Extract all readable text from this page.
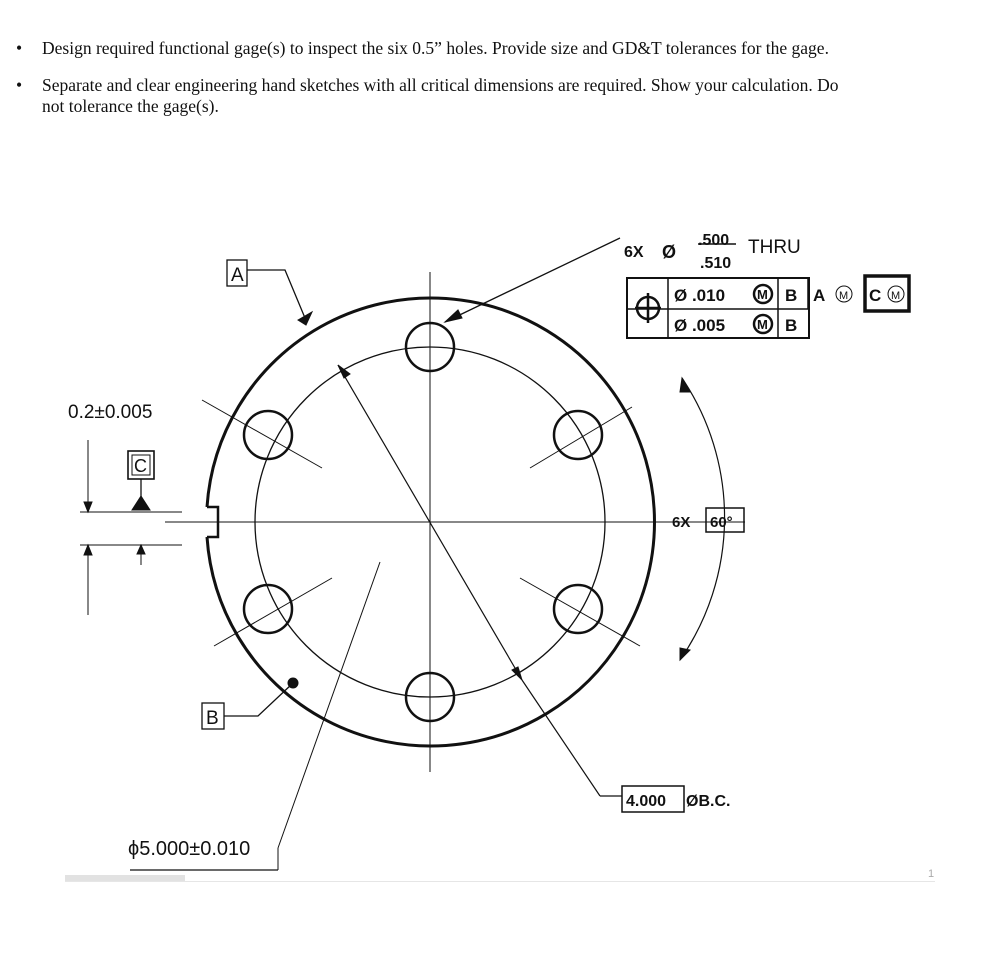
• Design required functional gage(s) to inspect the six 0.5” holes. Provide size and GD&T tolerances for the gage.
• Separate and clear engineering hand sketches with all critical dimensions are required. Show your calculation. Do not tolerance the gage(s).
A
B
C
0.2±0.005
ϕ5.000±0.010
6X Ø
.500
.510
THRU
6X 60°
4.000 ØB.C.
Ø .010 M B A M C M
Ø .005 M B
1
